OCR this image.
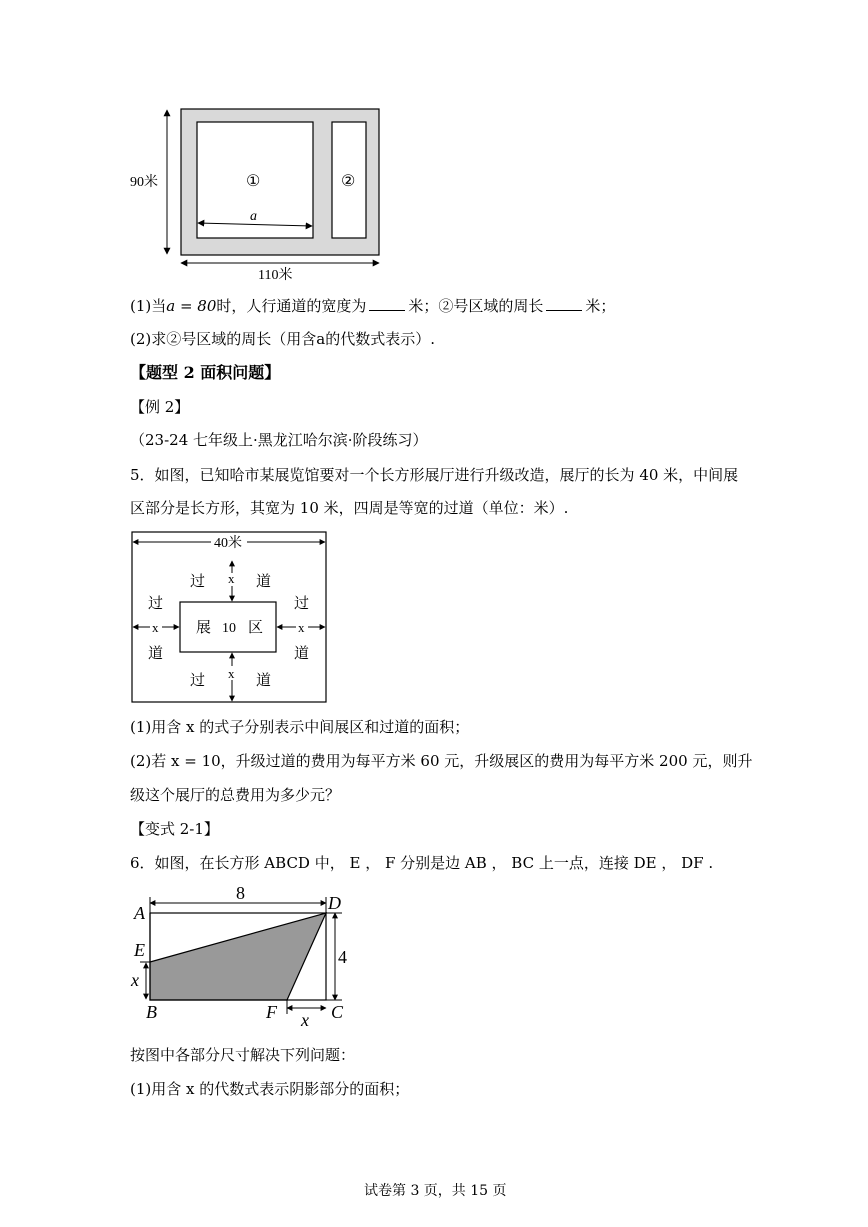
90米
110米
①	②
a
(1)当a = 80时，人行通道的宽度为	米；②号区域的周长	米；
(2)求②号区域的周长（用含a的代数式表示）.
【题型 2 面积问题】
【例 2】
（23-24 七年级上·黑龙江哈尔滨·阶段练习）
5．如图，已知哈市某展览馆要对一个长方形展厅进行升级改造，展厅的长为 40 米，中间展
区部分是长方形，其宽为 10 米，四周是等宽的过道（单位：米）.
40米
x
x
x	x
过	道
过	道
过
道
过
道
展 10 区
(1)用含 x 的式子分别表示中间展区和过道的面积；
(2)若 x = 10，升级过道的费用为每平方米 60 元，升级展区的费用为每平方米 200 元，则升
级这个展厅的总费用为多少元？
【变式 2-1】
6．如图，在长方形 ABCD 中， E ， F 分别是边 AB ， BC 上一点，连接 DE ， DF .
8
4
A	D
E
x
B	F	C
x
按图中各部分尺寸解决下列问题：
(1)用含 x 的代数式表示阴影部分的面积；
试卷第 3 页，共 15 页
